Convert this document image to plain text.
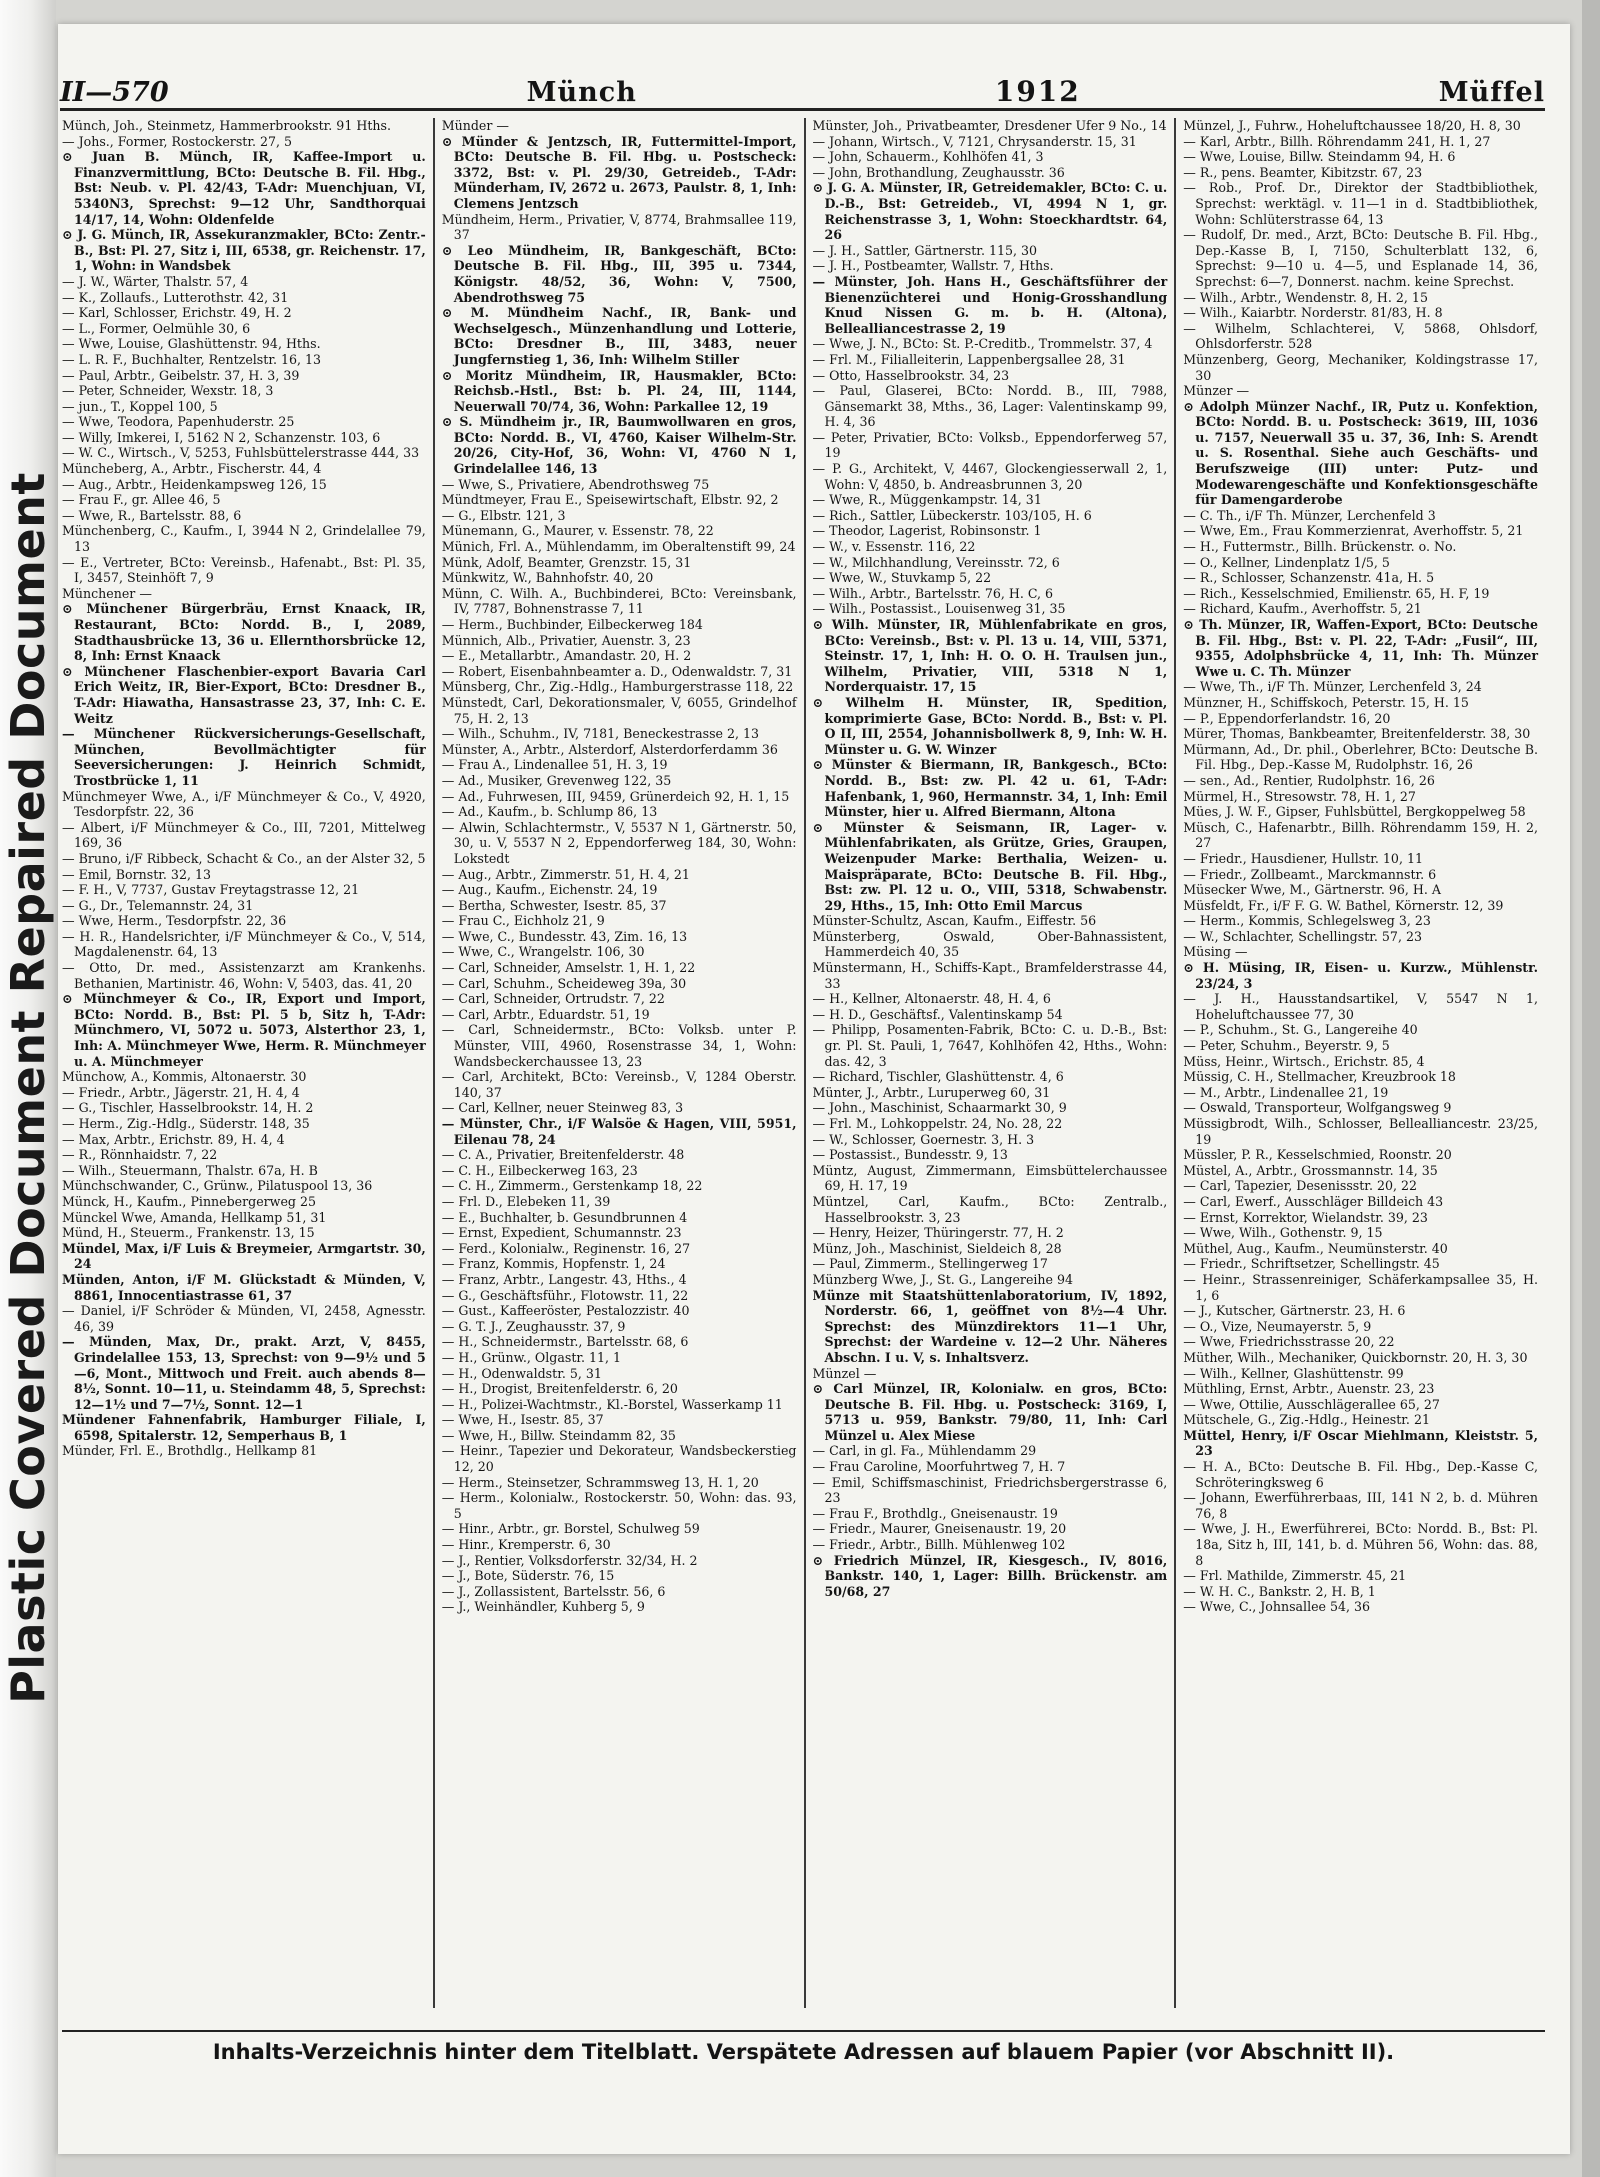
Plastic Covered Document Repaired Document
II—570	Münch	1912	Müffel

Münch, Joh., Steinmetz, Hammerbrookstr. 91 Hths.

— Johs., Former, Rostockerstr. 27, 5

⊙ Juan B. Münch, IR, Kaffee-Import u. Finanzvermittlung, BCto: Deutsche B. Fil. Hbg., Bst: Neub. v. Pl. 42/43, T-Adr: Muenchjuan, VI, 5340N3, Sprechst: 9—12 Uhr, Sandthorquai 14/17, 14, Wohn: Oldenfelde

⊙ J. G. Münch, IR, Assekuranzmakler, BCto: Zentr.-B., Bst: Pl. 27, Sitz i, III, 6538, gr. Reichenstr. 17, 1, Wohn: in Wandsbek

— J. W., Wärter, Thalstr. 57, 4

— K., Zollaufs., Lutterothstr. 42, 31

— Karl, Schlosser, Erichstr. 49, H. 2

— L., Former, Oelmühle 30, 6

— Wwe, Louise, Glashüttenstr. 94, Hths.

— L. R. F., Buchhalter, Rentzelstr. 16, 13

— Paul, Arbtr., Geibelstr. 37, H. 3, 39

— Peter, Schneider, Wexstr. 18, 3

— jun., T., Koppel 100, 5

— Wwe, Teodora, Papenhuderstr. 25

— Willy, Imkerei, I, 5162 N 2, Schanzenstr. 103, 6

— W. C., Wirtsch., V, 5253, Fuhlsbüttelerstrasse 444, 33

Müncheberg, A., Arbtr., Fischerstr. 44, 4

— Aug., Arbtr., Heidenkampsweg 126, 15

— Frau F., gr. Allee 46, 5

— Wwe, R., Bartelsstr. 88, 6

Münchenberg, C., Kaufm., I, 3944 N 2, Grindelallee 79, 13

— E., Vertreter, BCto: Vereinsb., Hafenabt., Bst: Pl. 35, I, 3457, Steinhöft 7, 9

Münchener —

⊙ Münchener Bürgerbräu, Ernst Knaack, IR, Restaurant, BCto: Nordd. B., I, 2089, Stadthausbrücke 13, 36 u. Ellernthorsbrücke 12, 8, Inh: Ernst Knaack

⊙ Münchener Flaschenbier-export Bavaria Carl Erich Weitz, IR, Bier-Export, BCto: Dresdner B., T-Adr: Hiawatha, Hansastrasse 23, 37, Inh: C. E. Weitz

— Münchener Rückversicherungs-Gesellschaft, München, Bevollmächtigter für Seeversicherungen: J. Heinrich Schmidt, Trostbrücke 1, 11

Münchmeyer Wwe, A., i/F Münchmeyer & Co., V, 4920, Tesdorpfstr. 22, 36

— Albert, i/F Münchmeyer & Co., III, 7201, Mittelweg 169, 36

— Bruno, i/F Ribbeck, Schacht & Co., an der Alster 32, 5

— Emil, Bornstr. 32, 13

— F. H., V, 7737, Gustav Freytagstrasse 12, 21

— G., Dr., Telemannstr. 24, 31

— Wwe, Herm., Tesdorpfstr. 22, 36

— H. R., Handelsrichter, i/F Münchmeyer & Co., V, 514, Magdalenenstr. 64, 13

— Otto, Dr. med., Assistenzarzt am Krankenhs. Bethanien, Martinistr. 46, Wohn: V, 5403, das. 41, 20

⊙ Münchmeyer & Co., IR, Export und Import, BCto: Nordd. B., Bst: Pl. 5 b, Sitz h, T-Adr: Münchmero, VI, 5072 u. 5073, Alsterthor 23, 1, Inh: A. Münchmeyer Wwe, Herm. R. Münchmeyer u. A. Münchmeyer

Münchow, A., Kommis, Altonaerstr. 30

— Friedr., Arbtr., Jägerstr. 21, H. 4, 4

— G., Tischler, Hasselbrookstr. 14, H. 2

— Herm., Zig.-Hdlg., Süderstr. 148, 35

— Max, Arbtr., Erichstr. 89, H. 4, 4

— R., Rönnhaidstr. 7, 22

— Wilh., Steuermann, Thalstr. 67a, H. B

Münchschwander, C., Grünw., Pilatuspool 13, 36

Münck, H., Kaufm., Pinnebergerweg 25

Münckel Wwe, Amanda, Hellkamp 51, 31

Münd, H., Steuerm., Frankenstr. 13, 15

Mündel, Max, i/F Luis & Breymeier, Armgartstr. 30, 24

Münden, Anton, i/F M. Glückstadt & Münden, V, 8861, Innocentiastrasse 61, 37

— Daniel, i/F Schröder & Münden, VI, 2458, Agnesstr. 46, 39

— Münden, Max, Dr., prakt. Arzt, V, 8455, Grindelallee 153, 13, Sprechst: von 9—9½ und 5—6, Mont., Mittwoch und Freit. auch abends 8—8½, Sonnt. 10—11, u. Steindamm 48, 5, Sprechst: 12—1½ und 7—7½, Sonnt. 12—1

Mündener Fahnenfabrik, Hamburger Filiale, I, 6598, Spitalerstr. 12, Semperhaus B, 1

Münder, Frl. E., Brothdlg., Hellkamp 81

Münder —

⊙ Münder & Jentzsch, IR, Futtermittel-Import, BCto: Deutsche B. Fil. Hbg. u. Postscheck: 3372, Bst: v. Pl. 29/30, Getreideb., T-Adr: Münderham, IV, 2672 u. 2673, Paulstr. 8, 1, Inh: Clemens Jentzsch

Mündheim, Herm., Privatier, V, 8774, Brahmsallee 119, 37

⊙ Leo Mündheim, IR, Bankgeschäft, BCto: Deutsche B. Fil. Hbg., III, 395 u. 7344, Königstr. 48/52, 36, Wohn: V, 7500, Abendrothsweg 75

⊙ M. Mündheim Nachf., IR, Bank- und Wechselgesch., Münzenhandlung und Lotterie, BCto: Dresdner B., III, 3483, neuer Jungfernstieg 1, 36, Inh: Wilhelm Stiller

⊙ Moritz Mündheim, IR, Hausmakler, BCto: Reichsb.-Hstl., Bst: b. Pl. 24, III, 1144, Neuerwall 70/74, 36, Wohn: Parkallee 12, 19

⊙ S. Mündheim jr., IR, Baumwollwaren en gros, BCto: Nordd. B., VI, 4760, Kaiser Wilhelm-Str. 20/26, City-Hof, 36, Wohn: VI, 4760 N 1, Grindelallee 146, 13

— Wwe, S., Privatiere, Abendrothsweg 75

Mündtmeyer, Frau E., Speisewirtschaft, Elbstr. 92, 2

— G., Elbstr. 121, 3

Münemann, G., Maurer, v. Essenstr. 78, 22

Münich, Frl. A., Mühlendamm, im Oberaltenstift 99, 24

Münk, Adolf, Beamter, Grenzstr. 15, 31

Münkwitz, W., Bahnhofstr. 40, 20

Münn, C. Wilh. A., Buchbinderei, BCto: Vereinsbank, IV, 7787, Bohnenstrasse 7, 11

— Herm., Buchbinder, Eilbeckerweg 184

Münnich, Alb., Privatier, Auenstr. 3, 23

— E., Metallarbtr., Amandastr. 20, H. 2

— Robert, Eisenbahnbeamter a. D., Odenwaldstr. 7, 31

Münsberg, Chr., Zig.-Hdlg., Hamburgerstrasse 118, 22

Münstedt, Carl, Dekorationsmaler, V, 6055, Grindelhof 75, H. 2, 13

— Wilh., Schuhm., IV, 7181, Beneckestrasse 2, 13

Münster, A., Arbtr., Alsterdorf, Alsterdorferdamm 36

— Frau A., Lindenallee 51, H. 3, 19

— Ad., Musiker, Grevenweg 122, 35

— Ad., Fuhrwesen, III, 9459, Grünerdeich 92, H. 1, 15

— Ad., Kaufm., b. Schlump 86, 13

— Alwin, Schlachtermstr., V, 5537 N 1, Gärtnerstr. 50, 30, u. V, 5537 N 2, Eppendorferweg 184, 30, Wohn: Lokstedt

— Aug., Arbtr., Zimmerstr. 51, H. 4, 21

— Aug., Kaufm., Eichenstr. 24, 19

— Bertha, Schwester, Isestr. 85, 37

— Frau C., Eichholz 21, 9

— Wwe, C., Bundesstr. 43, Zim. 16, 13

— Wwe, C., Wrangelstr. 106, 30

— Carl, Schneider, Amselstr. 1, H. 1, 22

— Carl, Schuhm., Scheideweg 39a, 30

— Carl, Schneider, Ortrudstr. 7, 22

— Carl, Arbtr., Eduardstr. 51, 19

— Carl, Schneidermstr., BCto: Volksb. unter P. Münster, VIII, 4960, Rosenstrasse 34, 1, Wohn: Wandsbeckerchaussee 13, 23

— Carl, Architekt, BCto: Vereinsb., V, 1284 Oberstr. 140, 37

— Carl, Kellner, neuer Steinweg 83, 3

— Münster, Chr., i/F Walsöe & Hagen, VIII, 5951, Eilenau 78, 24

— C. A., Privatier, Breitenfelderstr. 48

— C. H., Eilbeckerweg 163, 23

— C. H., Zimmerm., Gerstenkamp 18, 22

— Frl. D., Elebeken 11, 39

— E., Buchhalter, b. Gesundbrunnen 4

— Ernst, Expedient, Schumannstr. 23

— Ferd., Kolonialw., Reginenstr. 16, 27

— Franz, Kommis, Hopfenstr. 1, 24

— Franz, Arbtr., Langestr. 43, Hths., 4

— G., Geschäftsführ., Flotowstr. 11, 22

— Gust., Kaffeeröster, Pestalozzistr. 40

— G. T. J., Zeughausstr. 37, 9

— H., Schneidermstr., Bartelsstr. 68, 6

— H., Grünw., Olgastr. 11, 1

— H., Odenwaldstr. 5, 31

— H., Drogist, Breitenfelderstr. 6, 20

— H., Polizei-Wachtmstr., Kl.-Borstel, Wasserkamp 11

— Wwe, H., Isestr. 85, 37

— Wwe, H., Billw. Steindamm 82, 35

— Heinr., Tapezier und Dekorateur, Wandsbeckerstieg 12, 20

— Herm., Steinsetzer, Schrammsweg 13, H. 1, 20

— Herm., Kolonialw., Rostockerstr. 50, Wohn: das. 93, 5

— Hinr., Arbtr., gr. Borstel, Schulweg 59

— Hinr., Kremperstr. 6, 30

— J., Rentier, Volksdorferstr. 32/34, H. 2

— J., Bote, Süderstr. 76, 15

— J., Zollassistent, Bartelsstr. 56, 6

— J., Weinhändler, Kuhberg 5, 9

Münster, Joh., Privatbeamter, Dresdener Ufer 9 No., 14

— Johann, Wirtsch., V, 7121, Chrysanderstr. 15, 31

— John, Schauerm., Kohlhöfen 41, 3

— John, Brothandlung, Zeughausstr. 36

⊙ J. G. A. Münster, IR, Getreidemakler, BCto: C. u. D.-B., Bst: Getreideb., VI, 4994 N 1, gr. Reichenstrasse 3, 1, Wohn: Stoeckhardtstr. 64, 26

— J. H., Sattler, Gärtnerstr. 115, 30

— J. H., Postbeamter, Wallstr. 7, Hths.

— Münster, Joh. Hans H., Geschäftsführer der Bienenzüchterei und Honig-Grosshandlung Knud Nissen G. m. b. H. (Altona), Bellealliancestrasse 2, 19

— Wwe, J. N., BCto: St. P.-Creditb., Trommelstr. 37, 4

— Frl. M., Filialleiterin, Lappenbergsallee 28, 31

— Otto, Hasselbrookstr. 34, 23

— Paul, Glaserei, BCto: Nordd. B., III, 7988, Gänsemarkt 38, Mths., 36, Lager: Valentinskamp 99, H. 4, 36

— Peter, Privatier, BCto: Volksb., Eppendorferweg 57, 19

— P. G., Architekt, V, 4467, Glockengiesserwall 2, 1, Wohn: V, 4850, b. Andreasbrunnen 3, 20

— Wwe, R., Müggenkampstr. 14, 31

— Rich., Sattler, Lübeckerstr. 103/105, H. 6

— Theodor, Lagerist, Robinsonstr. 1

— W., v. Essenstr. 116, 22

— W., Milchhandlung, Vereinsstr. 72, 6

— Wwe, W., Stuvkamp 5, 22

— Wilh., Arbtr., Bartelsstr. 76, H. C, 6

— Wilh., Postassist., Louisenweg 31, 35

⊙ Wilh. Münster, IR, Mühlenfabrikate en gros, BCto: Vereinsb., Bst: v. Pl. 13 u. 14, VIII, 5371, Steinstr. 17, 1, Inh: H. O. O. H. Traulsen jun., Wilhelm, Privatier, VIII, 5318 N 1, Norderquaistr. 17, 15

⊙ Wilhelm H. Münster, IR, Spedition, komprimierte Gase, BCto: Nordd. B., Bst: v. Pl. O II, III, 2554, Johannisbollwerk 8, 9, Inh: W. H. Münster u. G. W. Winzer

⊙ Münster & Biermann, IR, Bankgesch., BCto: Nordd. B., Bst: zw. Pl. 42 u. 61, T-Adr: Hafenbank, 1, 960, Hermannstr. 34, 1, Inh: Emil Münster, hier u. Alfred Biermann, Altona

⊙ Münster & Seismann, IR, Lager- v. Mühlenfabrikaten, als Grütze, Gries, Graupen, Weizenpuder Marke: Berthalia, Weizen- u. Maispräparate, BCto: Deutsche B. Fil. Hbg., Bst: zw. Pl. 12 u. O., VIII, 5318, Schwabenstr. 29, Hths., 15, Inh: Otto Emil Marcus

Münster-Schultz, Ascan, Kaufm., Eiffestr. 56

Münsterberg, Oswald, Ober-Bahnassistent, Hammerdeich 40, 35

Münstermann, H., Schiffs-Kapt., Bramfelderstrasse 44, 33

— H., Kellner, Altonaerstr. 48, H. 4, 6

— H. D., Geschäftsf., Valentinskamp 54

— Philipp, Posamenten-Fabrik, BCto: C. u. D.-B., Bst: gr. Pl. St. Pauli, 1, 7647, Kohlhöfen 42, Hths., Wohn: das. 42, 3

— Richard, Tischler, Glashüttenstr. 4, 6

Münter, J., Arbtr., Luruperweg 60, 31

— John., Maschinist, Schaarmarkt 30, 9

— Frl. M., Lohkoppelstr. 24, No. 28, 22

— W., Schlosser, Goernestr. 3, H. 3

— Postassist., Bundesstr. 9, 13

Müntz, August, Zimmermann, Eimsbüttelerchaussee 69, H. 17, 19

Müntzel, Carl, Kaufm., BCto: Zentralb., Hasselbrookstr. 3, 23

— Henry, Heizer, Thüringerstr. 77, H. 2

Münz, Joh., Maschinist, Sieldeich 8, 28

— Paul, Zimmerm., Stellingerweg 17

Münzberg Wwe, J., St. G., Langereihe 94

Münze mit Staatshüttenlaboratorium, IV, 1892, Norderstr. 66, 1, geöffnet von 8½—4 Uhr. Sprechst: des Münzdirektors 11—1 Uhr, Sprechst: der Wardeine v. 12—2 Uhr. Näheres Abschn. I u. V, s. Inhaltsverz.

Münzel —

⊙ Carl Münzel, IR, Kolonialw. en gros, BCto: Deutsche B. Fil. Hbg. u. Postscheck: 3169, I, 5713 u. 959, Bankstr. 79/80, 11, Inh: Carl Münzel u. Alex Miese

— Carl, in gl. Fa., Mühlendamm 29

— Frau Caroline, Moorfuhrtweg 7, H. 7

— Emil, Schiffsmaschinist, Friedrichsbergerstrasse 6, 23

— Frau F., Brothdlg., Gneisenaustr. 19

— Friedr., Maurer, Gneisenaustr. 19, 20

— Friedr., Arbtr., Billh. Mühlenweg 102

⊙ Friedrich Münzel, IR, Kiesgesch., IV, 8016, Bankstr. 140, 1, Lager: Billh. Brückenstr. am 50/68, 27

Münzel, J., Fuhrw., Hoheluftchaussee 18/20, H. 8, 30

— Karl, Arbtr., Billh. Röhrendamm 241, H. 1, 27

— Wwe, Louise, Billw. Steindamm 94, H. 6

— R., pens. Beamter, Kibitzstr. 67, 23

— Rob., Prof. Dr., Direktor der Stadtbibliothek, Sprechst: werktägl. v. 11—1 in d. Stadtbibliothek, Wohn: Schlüterstrasse 64, 13

— Rudolf, Dr. med., Arzt, BCto: Deutsche B. Fil. Hbg., Dep.-Kasse B, I, 7150, Schulterblatt 132, 6, Sprechst: 9—10 u. 4—5, und Esplanade 14, 36, Sprechst: 6—7, Donnerst. nachm. keine Sprechst.

— Wilh., Arbtr., Wendenstr. 8, H. 2, 15

— Wilh., Kaiarbtr. Norderstr. 81/83, H. 8

— Wilhelm, Schlachterei, V, 5868, Ohlsdorf, Ohlsdorferstr. 528

Münzenberg, Georg, Mechaniker, Koldingstrasse 17, 30

Münzer —

⊙ Adolph Münzer Nachf., IR, Putz u. Konfektion, BCto: Nordd. B. u. Postscheck: 3619, III, 1036 u. 7157, Neuerwall 35 u. 37, 36, Inh: S. Arendt u. S. Rosenthal. Siehe auch Geschäfts- und Berufszweige (III) unter: Putz- und Modewarengeschäfte und Konfektionsgeschäfte für Damengarderobe

— C. Th., i/F Th. Münzer, Lerchenfeld 3

— Wwe, Em., Frau Kommerzienrat, Averhoffstr. 5, 21

— H., Futtermstr., Billh. Brückenstr. o. No.

— O., Kellner, Lindenplatz 1/5, 5

— R., Schlosser, Schanzenstr. 41a, H. 5

— Rich., Kesselschmied, Emilienstr. 65, H. F, 19

— Richard, Kaufm., Averhoffstr. 5, 21

⊙ Th. Münzer, IR, Waffen-Export, BCto: Deutsche B. Fil. Hbg., Bst: v. Pl. 22, T-Adr: „Fusil“, III, 9355, Adolphsbrücke 4, 11, Inh: Th. Münzer Wwe u. C. Th. Münzer

— Wwe, Th., i/F Th. Münzer, Lerchenfeld 3, 24

Münzner, H., Schiffskoch, Peterstr. 15, H. 15

— P., Eppendorferlandstr. 16, 20

Mürer, Thomas, Bankbeamter, Breitenfelderstr. 38, 30

Mürmann, Ad., Dr. phil., Oberlehrer, BCto: Deutsche B. Fil. Hbg., Dep.-Kasse M, Rudolphstr. 16, 26

— sen., Ad., Rentier, Rudolphstr. 16, 26

Mürmel, H., Stresowstr. 78, H. 1, 27

Mües, J. W. F., Gipser, Fuhlsbüttel, Bergkoppelweg 58

Müsch, C., Hafenarbtr., Billh. Röhrendamm 159, H. 2, 27

— Friedr., Hausdiener, Hullstr. 10, 11

— Friedr., Zollbeamt., Marckmannstr. 6

Müsecker Wwe, M., Gärtnerstr. 96, H. A

Müsfeldt, Fr., i/F F. G. W. Bathel, Körnerstr. 12, 39

— Herm., Kommis, Schlegelsweg 3, 23

— W., Schlachter, Schellingstr. 57, 23

Müsing —

⊙ H. Müsing, IR, Eisen- u. Kurzw., Mühlenstr. 23/24, 3

— J. H., Hausstandsartikel, V, 5547 N 1, Hoheluftchaussee 77, 30

— P., Schuhm., St. G., Langereihe 40

— Peter, Schuhm., Beyerstr. 9, 5

Müss, Heinr., Wirtsch., Erichstr. 85, 4

Müssig, C. H., Stellmacher, Kreuzbrook 18

— M., Arbtr., Lindenallee 21, 19

— Oswald, Transporteur, Wolfgangsweg 9

Müssigbrodt, Wilh., Schlosser, Bellealliancestr. 23/25, 19

Müssler, P. R., Kesselschmied, Roonstr. 20

Müstel, A., Arbtr., Grossmannstr. 14, 35

— Carl, Tapezier, Desenissstr. 20, 22

— Carl, Ewerf., Ausschläger Billdeich 43

— Ernst, Korrektor, Wielandstr. 39, 23

— Wwe, Wilh., Gothenstr. 9, 15

Müthel, Aug., Kaufm., Neumünsterstr. 40

— Friedr., Schriftsetzer, Schellingstr. 45

— Heinr., Strassenreiniger, Schäferkampsallee 35, H. 1, 6

— J., Kutscher, Gärtnerstr. 23, H. 6

— O., Vize, Neumayerstr. 5, 9

— Wwe, Friedrichsstrasse 20, 22

Müther, Wilh., Mechaniker, Quickbornstr. 20, H. 3, 30

— Wilh., Kellner, Glashüttenstr. 99

Müthling, Ernst, Arbtr., Auenstr. 23, 23

— Wwe, Ottilie, Ausschlägerallee 65, 27

Mütschele, G., Zig.-Hdlg., Heinestr. 21

Müttel, Henry, i/F Oscar Miehlmann, Kleiststr. 5, 23

— H. A., BCto: Deutsche B. Fil. Hbg., Dep.-Kasse C, Schröteringksweg 6

— Johann, Ewerführerbaas, III, 141 N 2, b. d. Mühren 76, 8

— Wwe, J. H., Ewerführerei, BCto: Nordd. B., Bst: Pl. 18a, Sitz h, III, 141, b. d. Mühren 56, Wohn: das. 88, 8

— Frl. Mathilde, Zimmerstr. 45, 21

— W. H. C., Bankstr. 2, H. B, 1

— Wwe, C., Johnsallee 54, 36

Inhalts-Verzeichnis hinter dem Titelblatt. Verspätete Adressen auf blauem Papier (vor Abschnitt II).
